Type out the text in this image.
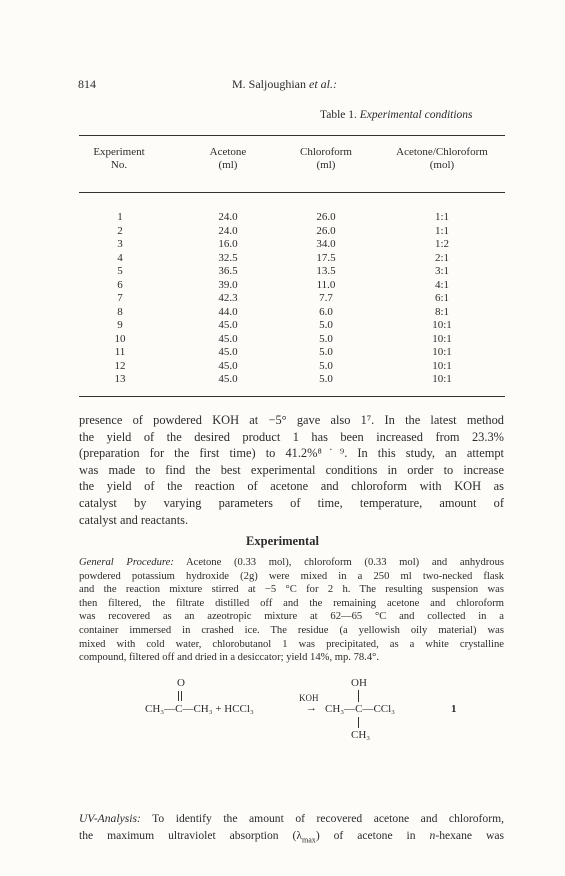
814	M. Saljoughian et al.:
Table 1. Experimental conditions
Experiment
No.
Acetone
(ml)
Chloroform
(ml)
Acetone/Chloroform
(mol)
1
2
3
4
5
6
7
8
9
10
11
12
13
24.0
24.0
16.0
32.5
36.5
39.0
42.3
44.0
45.0
45.0
45.0
45.0
45.0
26.0
26.0
34.0
17.5
13.5
11.0
7.7
6.0
5.0
5.0
5.0
5.0
5.0
1:1
1:1
1:2
2:1
3:1
4:1
6:1
8:1
10:1
10:1
10:1
10:1
10:1
presence of powdered KOH at −5° gave also 1⁷. In the latest method
the yield of the desired product 1 has been increased from 23.3%
(preparation for the first time) to 41.2%⁸˙⁹. In this study, an attempt
was made to find the best experimental conditions in order to increase
the yield of the reaction of acetone and chloroform with KOH as
catalyst by varying parameters of time, temperature, amount of
catalyst and reactants.
Experimental
General Procedure: Acetone (0.33 mol), chloroform (0.33 mol) and anhydrous
powdered potassium hydroxide (2g) were mixed in a 250 ml two-necked flask
and the reaction mixture stirred at −5 °C for 2 h. The resulting suspension was
then filtered, the filtrate distilled off and the remaining acetone and chloroform
was recovered as an azeotropic mixture at 62—65 °C and collected in a
container immersed in crashed ice. The residue (a yellowish oily material) was
mixed with cold water, chlorobutanol 1 was precipitated, as a white crystalline
compound, filtered off and dried in a desiccator; yield 14%, mp. 78.4°.
O
CH₃—C—CH₃ + HCCl₃
KOH
→
OH
CH₃—C—CCl₃
CH₃
1
UV-Analysis: To identify the amount of recovered acetone and chloroform,
the maximum ultraviolet absorption $(\lambda_{max})$ of acetone in n-hexane was
